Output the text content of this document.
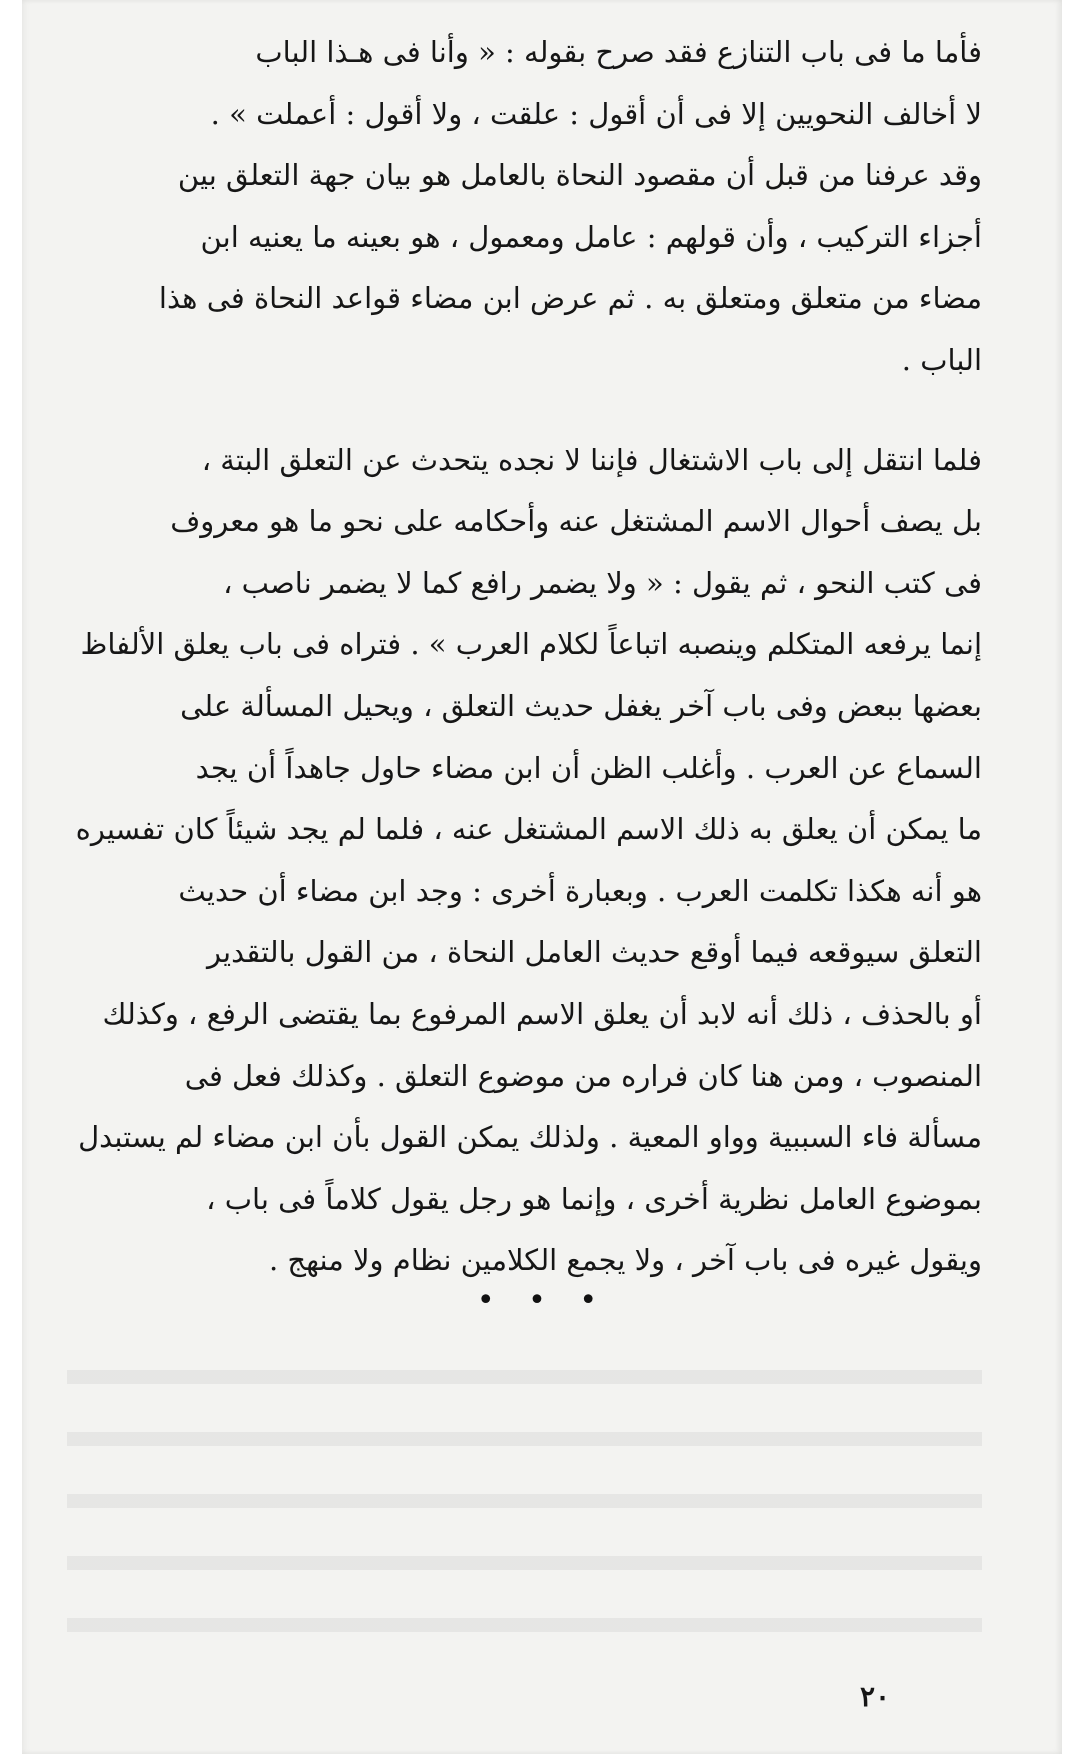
فأما ما فى باب التنازع فقد صرح بقوله : « وأنا فى هـذا الباب
لا أخالف النحويين إلا فى أن أقول : علقت ، ولا أقول : أعملت » .
وقد عرفنا من قبل أن مقصود النحاة بالعامل هو بيان جهة التعلق بين
أجزاء التركيب ، وأن قولهم : عامل ومعمول ، هو بعينه ما يعنيه ابن
مضاء من متعلق ومتعلق به . ثم عرض ابن مضاء قواعد النحاة فى هذا
الباب .
فلما انتقل إلى باب الاشتغال فإننا لا نجده يتحدث عن التعلق البتة ،
بل يصف أحوال الاسم المشتغل عنه وأحكامه على نحو ما هو معروف
فى كتب النحو ، ثم يقول : « ولا يضمر رافع كما لا يضمر ناصب ،
إنما يرفعه المتكلم وينصبه اتباعاً لكلام العرب » . فتراه فى باب يعلق الألفاظ
بعضها ببعض وفى باب آخر يغفل حديث التعلق ، ويحيل المسألة على
السماع عن العرب . وأغلب الظن أن ابن مضاء حاول جاهداً أن يجد
ما يمكن أن يعلق به ذلك الاسم المشتغل عنه ، فلما لم يجد شيئاً كان تفسيره
هو أنه هكذا تكلمت العرب . وبعبارة أخرى : وجد ابن مضاء أن حديث
التعلق سيوقعه فيما أوقع حديث العامل النحاة ، من القول بالتقدير
أو بالحذف ، ذلك أنه لابد أن يعلق الاسم المرفوع بما يقتضى الرفع ، وكذلك
المنصوب ، ومن هنا كان فراره من موضوع التعلق . وكذلك فعل فى
مسألة فاء السببية وواو المعية . ولذلك يمكن القول بأن ابن مضاء لم يستبدل
بموضوع العامل نظرية أخرى ، وإنما هو رجل يقول كلاماً فى باب ،
ويقول غيره فى باب آخر ، ولا يجمع الكلامين نظام ولا منهج .
• • •
٢٠
